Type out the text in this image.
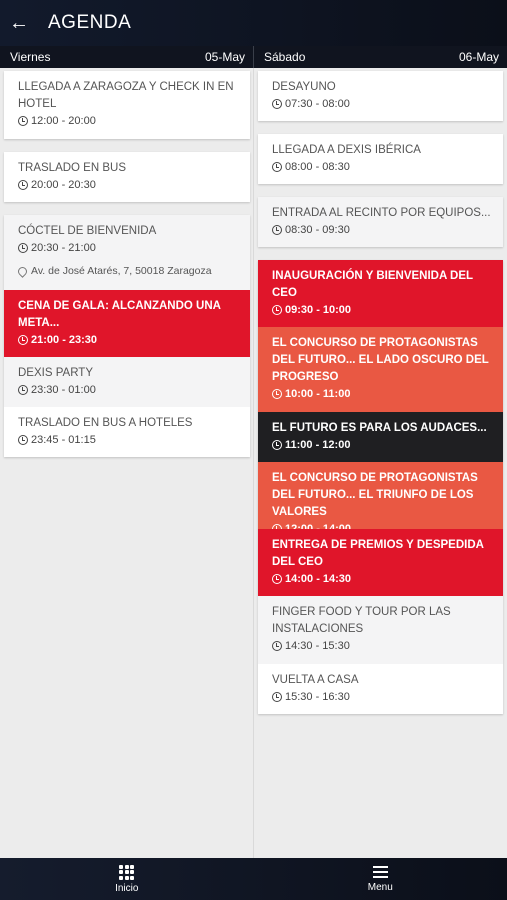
← AGENDA
Viernes	05-May Sábado	06-May
LLEGADA A ZARAGOZA Y CHECK IN EN HOTEL
12:00 - 20:00
TRASLADO EN BUS
20:00 - 20:30
CÓCTEL DE BIENVENIDA
20:30 - 21:00
Av. de José Atarés, 7, 50018 Zaragoza
CENA DE GALA: ALCANZANDO UNA META...
21:00 - 23:30
DEXIS PARTY
23:30 - 01:00
TRASLADO EN BUS A HOTELES
23:45 - 01:15
DESAYUNO
07:30 - 08:00
LLEGADA A DEXIS IBÉRICA
08:00 - 08:30
ENTRADA AL RECINTO POR EQUIPOS...
08:30 - 09:30
INAUGURACIÓN Y BIENVENIDA DEL CEO
09:30 - 10:00
EL CONCURSO DE PROTAGONISTAS DEL FUTURO... EL LADO OSCURO DEL PROGRESO
10:00 - 11:00
EL FUTURO ES PARA LOS AUDACES...
11:00 - 12:00
EL CONCURSO DE PROTAGONISTAS DEL FUTURO... EL TRIUNFO DE LOS VALORES
ENTREGA DE PREMIOS Y DESPEDIDA DEL CEO
14:00 - 14:30
FINGER FOOD Y TOUR POR LAS INSTALACIONES
14:30 - 15:30
VUELTA A CASA
15:30 - 16:30
Inicio	Menu
